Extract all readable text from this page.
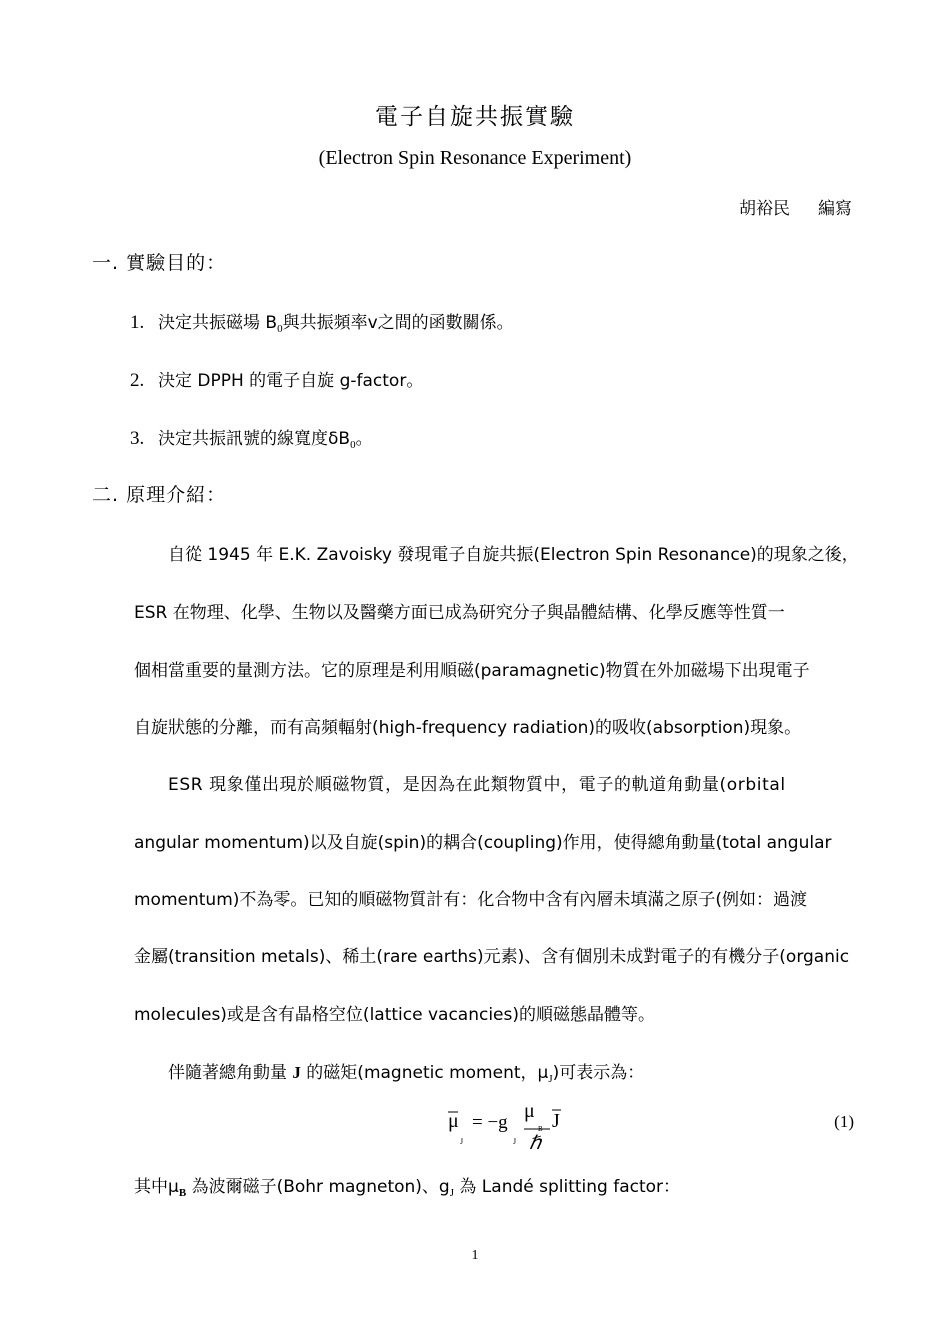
電子自旋共振實驗
(Electron Spin Resonance Experiment)
胡裕民 編寫
一. 實驗目的：
1. 決定共振磁場 $B_0$與共振頻率v之間的函數關係。
2. 決定 DPPH 的電子自旋 g-factor。
3. 決定共振訊號的線寬度$\delta B_0$。
二. 原理介紹：
自從 1945 年 E.K. Zavoisky 發現電子自旋共振(Electron Spin Resonance)的現象之後，
ESR 在物理、化學、生物以及醫藥方面已成為研究分子與晶體結構、化學反應等性質一
個相當重要的量測方法。它的原理是利用順磁(paramagnetic)物質在外加磁場下出現電子
自旋狀態的分離，而有高頻輻射(high-frequency radiation)的吸收(absorption)現象。
ESR 現象僅出現於順磁物質，是因為在此類物質中，電子的軌道角動量(orbital
angular momentum)以及自旋(spin)的耦合(coupling)作用，使得總角動量(total angular
momentum)不為零。已知的順磁物質計有：化合物中含有內層未填滿之原子(例如：過渡
金屬(transition metals)、稀土(rare earths)元素)、含有個別未成對電子的有機分子(organic
molecules)或是含有晶格空位(lattice vacancies)的順磁態晶體等。
伴隨著總角動量 J 的磁矩(magnetic moment，$\mu_J$)可表示為：
μ
J
= −g
J
μ
B
ℏ
J	(1)
其中$\mu_B$ 為波爾磁子(Bohr magneton)、$g_J$ 為 Landé splitting factor：
1
